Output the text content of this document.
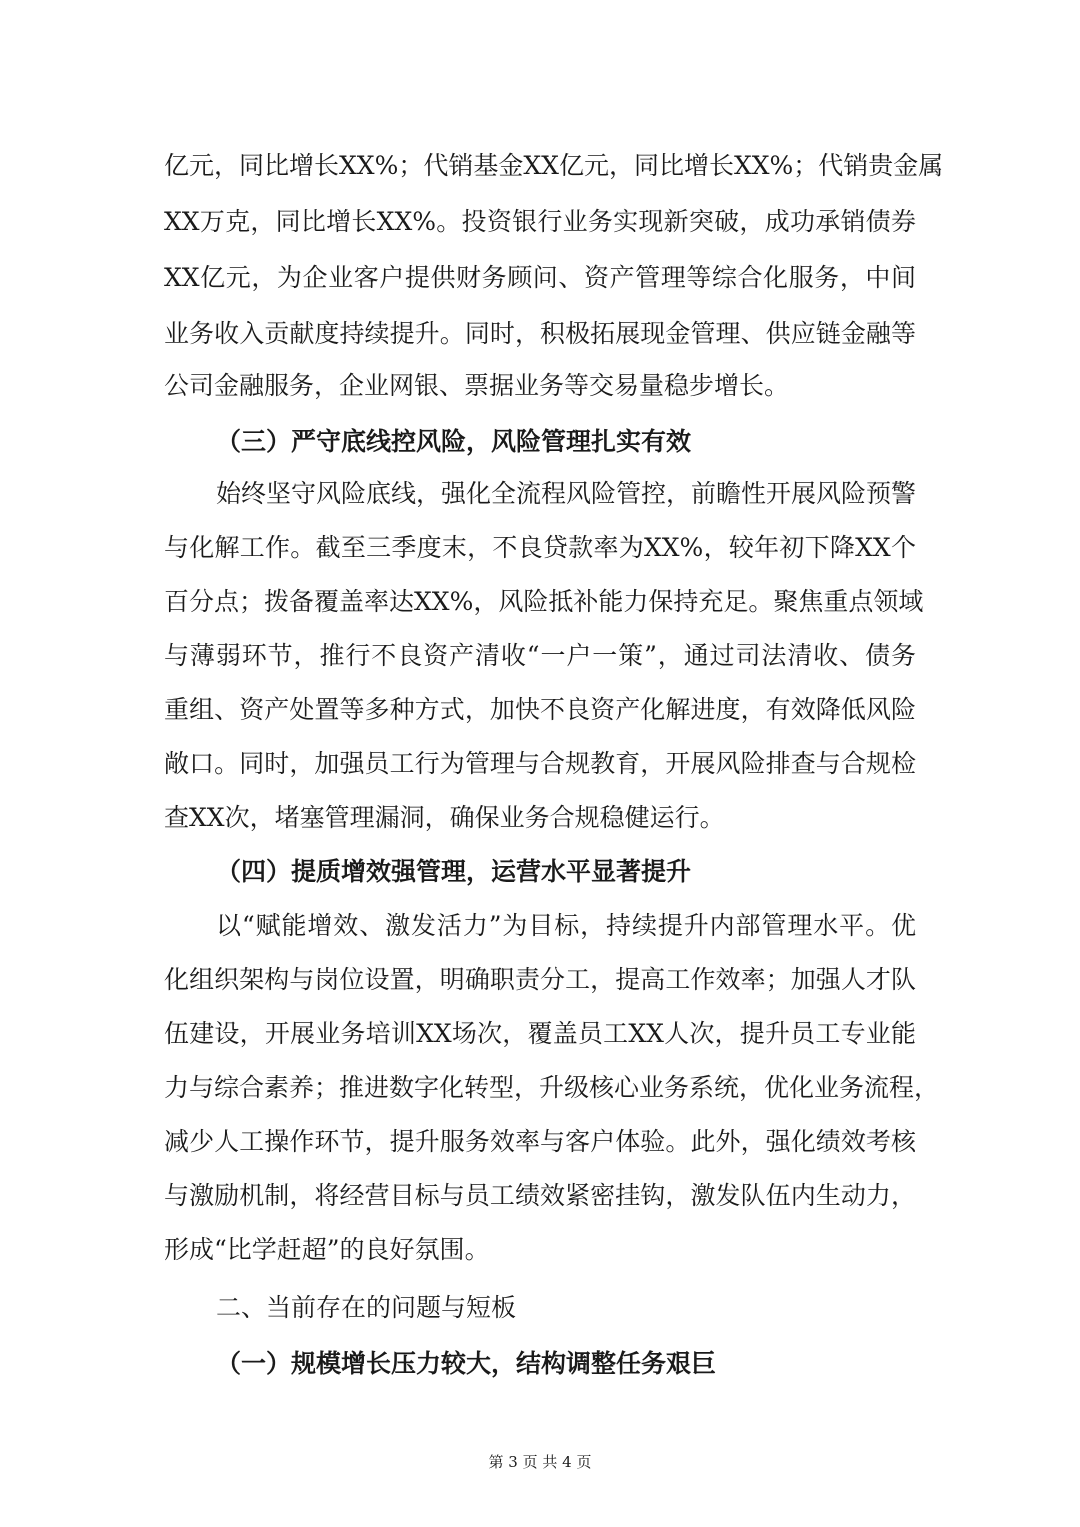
亿元，同比增长XX%；代销基金XX亿元，同比增长XX%；代销贵金属
XX万克，同比增长XX%。投资银行业务实现新突破，成功承销债券
XX亿元，为企业客户提供财务顾问、资产管理等综合化服务，中间
业务收入贡献度持续提升。同时，积极拓展现金管理、供应链金融等
公司金融服务，企业网银、票据业务等交易量稳步增长。
（三）严守底线控风险，风险管理扎实有效
始终坚守风险底线，强化全流程风险管控，前瞻性开展风险预警
与化解工作。截至三季度末，不良贷款率为XX%，较年初下降XX个
百分点；拨备覆盖率达XX%，风险抵补能力保持充足。聚焦重点领域
与薄弱环节，推行不良资产清收“一户一策”，通过司法清收、债务
重组、资产处置等多种方式，加快不良资产化解进度，有效降低风险
敞口。同时，加强员工行为管理与合规教育，开展风险排查与合规检
查XX次，堵塞管理漏洞，确保业务合规稳健运行。
（四）提质增效强管理，运营水平显著提升
以“赋能增效、激发活力”为目标，持续提升内部管理水平。优
化组织架构与岗位设置，明确职责分工，提高工作效率；加强人才队
伍建设，开展业务培训XX场次，覆盖员工XX人次，提升员工专业能
力与综合素养；推进数字化转型，升级核心业务系统，优化业务流程，
减少人工操作环节，提升服务效率与客户体验。此外，强化绩效考核
与激励机制，将经营目标与员工绩效紧密挂钩，激发队伍内生动力，
形成“比学赶超”的良好氛围。
二、当前存在的问题与短板
（一）规模增长压力较大，结构调整任务艰巨
第 3 页 共 4 页
